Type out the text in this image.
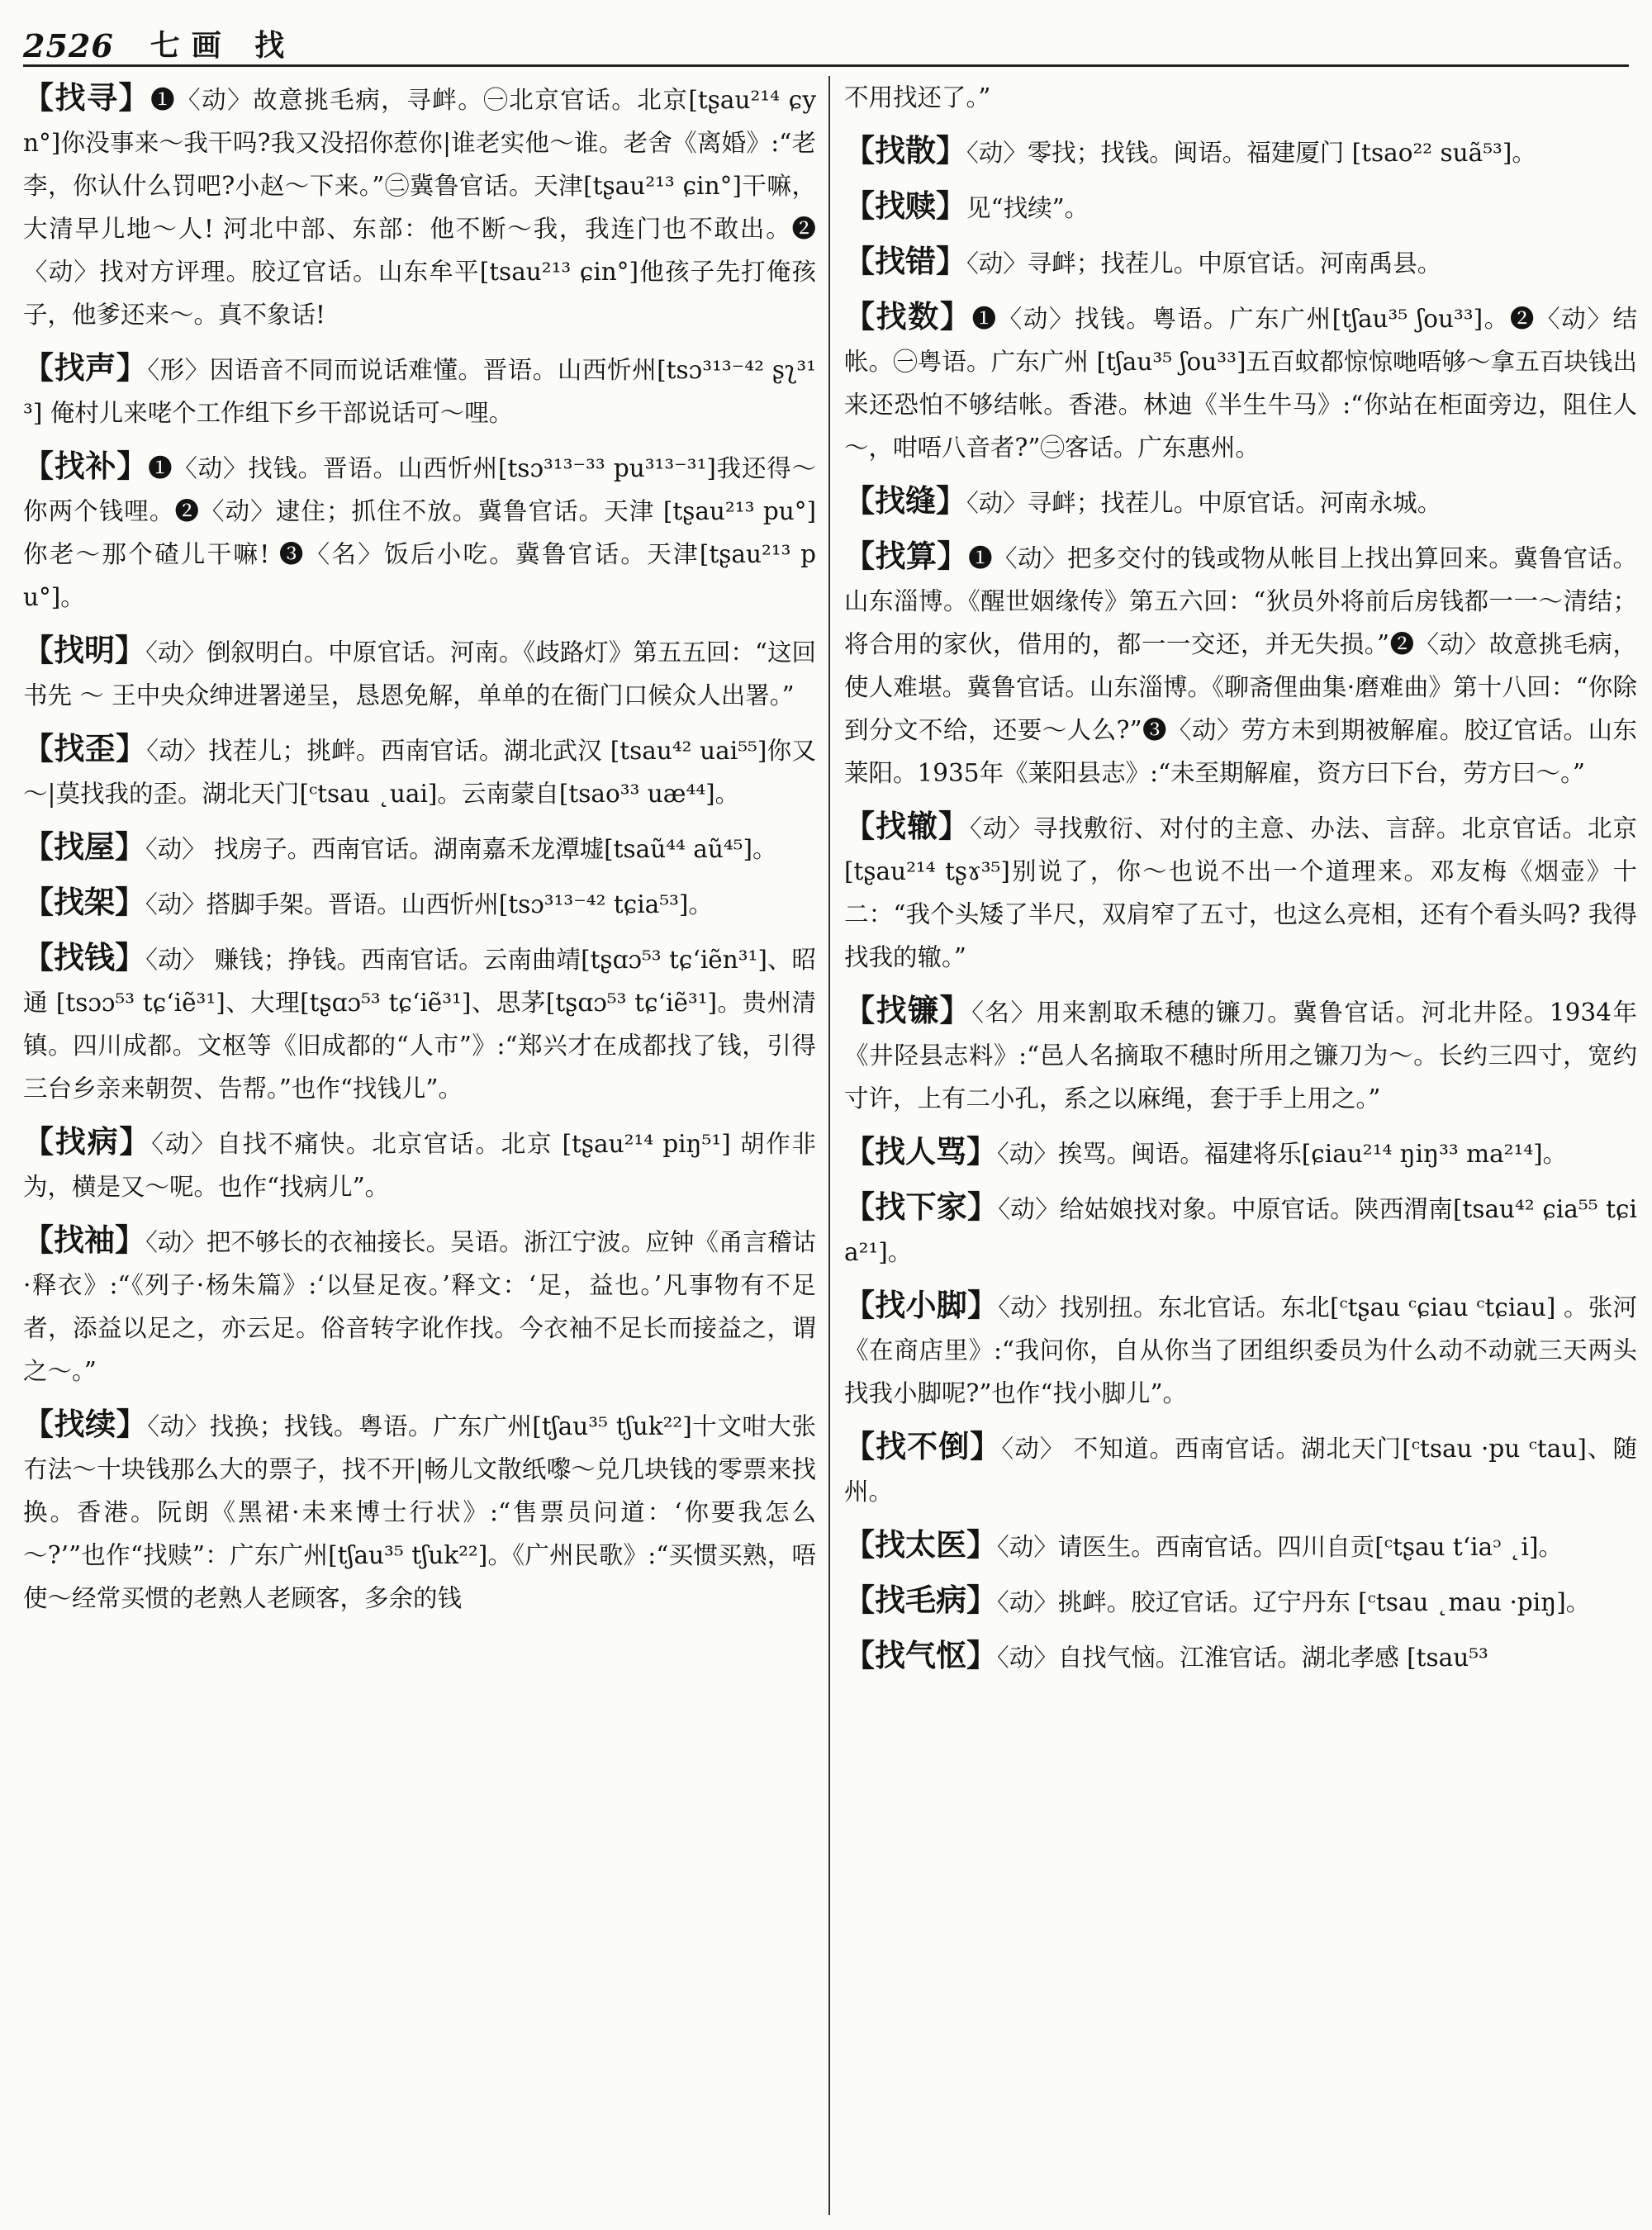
2526 七画 找

【找寻】❶〈动〉故意挑毛病，寻衅。㊀北京官话。北京[tʂau²¹⁴ ɕyn°]你没事来～我干吗?我又没招你惹你|谁老实他～谁。老舍《离婚》:“老李，你认什么罚吧?小赵～下来。”㊁冀鲁官话。天津[tʂau²¹³ ɕin°]干嘛，大清早儿地～人! 河北中部、东部：他不断～我，我连门也不敢出。❷〈动〉找对方评理。胶辽官话。山东牟平[tsau²¹³ ɕin°]他孩子先打俺孩子，他爹还来～。真不象话!

【找声】〈形〉因语音不同而说话难懂。晋语。山西忻州[tsɔ³¹³⁻⁴² ʂʅ³¹³] 俺村儿来咾个工作组下乡干部说话可～哩。

【找补】❶〈动〉找钱。晋语。山西忻州[tsɔ³¹³⁻³³ pu³¹³⁻³¹]我还得～你两个钱哩。❷〈动〉逮住；抓住不放。冀鲁官话。天津 [tʂau²¹³ pu°] 你老～那个碴儿干嘛! ❸〈名〉饭后小吃。冀鲁官话。天津[tʂau²¹³ pu°]。

【找明】〈动〉倒叙明白。中原官话。河南。《歧路灯》第五五回：“这回书先 ～ 王中央众绅进署递呈，恳恩免解，单单的在衙门口候众人出署。”

【找歪】〈动〉找茬儿；挑衅。西南官话。湖北武汉 [tsau⁴² uai⁵⁵]你又～|莫找我的歪。湖北天门[ᶜtsau ˛uai]。云南蒙自[tsao³³ uæ⁴⁴]。

【找屋】〈动〉 找房子。西南官话。湖南嘉禾龙潭墟[tsaũ⁴⁴ aũ⁴⁵]。

【找架】〈动〉搭脚手架。晋语。山西忻州[tsɔ³¹³⁻⁴² tɕia⁵³]。

【找钱】〈动〉 赚钱；挣钱。西南官话。云南曲靖[tʂɑɔ⁵³ tɕʻiẽn³¹]、昭通 [tsɔɔ⁵³ tɕʻiẽ³¹]、大理[tʂɑɔ⁵³ tɕʻiẽ³¹]、思茅[tʂɑɔ⁵³ tɕʻiẽ³¹]。贵州清镇。四川成都。文枢等《旧成都的“人市”》:“郑兴才在成都找了钱，引得三台乡亲来朝贺、告帮。”也作“找钱儿”。

【找病】〈动〉自找不痛快。北京官话。北京 [tʂau²¹⁴ piŋ⁵¹] 胡作非为，横是又～呢。也作“找病儿”。

【找袖】〈动〉把不够长的衣袖接长。吴语。浙江宁波。应钟《甬言稽诂·释衣》:“《列子·杨朱篇》:‘以昼足夜。’释文：‘足，益也。’凡事物有不足者，添益以足之，亦云足。俗音转字讹作找。今衣袖不足长而接益之，谓之～。”

【找续】〈动〉找换；找钱。粤语。广东广州[tʃau³⁵ tʃuk²²]十文咁大张冇法～十块钱那么大的票子，找不开|畅儿文散纸嚟～兑几块钱的零票来找换。香港。阮朗《黑裙·未来博士行状》:“售票员问道：‘你要我怎么～?’”也作“找赎”：广东广州[tʃau³⁵ tʃuk²²]。《广州民歌》:“买惯买熟，唔使～经常买惯的老熟人老顾客，多余的钱

不用找还了。”

【找散】〈动〉零找；找钱。闽语。福建厦门 [tsao²² suã⁵³]。

【找赎】见“找续”。

【找错】〈动〉寻衅；找茬儿。中原官话。河南禹县。

【找数】❶〈动〉找钱。粤语。广东广州[tʃau³⁵ ʃou³³]。❷〈动〉结帐。㊀粤语。广东广州 [tʃau³⁵ ʃou³³]五百蚊都惊惊哋唔够～拿五百块钱出来还恐怕不够结帐。香港。林迪《半生牛马》:“你站在柜面旁边，阻住人～，咁唔八音者?”㊁客话。广东惠州。

【找缝】〈动〉寻衅；找茬儿。中原官话。河南永城。

【找算】❶〈动〉把多交付的钱或物从帐目上找出算回来。冀鲁官话。山东淄博。《醒世姻缘传》第五六回：“狄员外将前后房钱都一一～清结；将合用的家伙，借用的，都一一交还，并无失损。”❷〈动〉故意挑毛病，使人难堪。冀鲁官话。山东淄博。《聊斋俚曲集·磨难曲》第十八回：“你除到分文不给，还要～人么?”❸〈动〉劳方未到期被解雇。胶辽官话。山东莱阳。1935年《莱阳县志》:“未至期解雇，资方曰下台，劳方曰～。”

【找辙】〈动〉寻找敷衍、对付的主意、办法、言辞。北京官话。北京 [tʂau²¹⁴ tʂɤ³⁵]别说了，你～也说不出一个道理来。邓友梅《烟壶》十二：“我个头矮了半尺，双肩窄了五寸，也这么亮相，还有个看头吗? 我得找我的辙。”

【找镰】〈名〉用来割取禾穗的镰刀。冀鲁官话。河北井陉。1934年《井陉县志料》:“邑人名摘取不穗时所用之镰刀为～。长约三四寸，宽约寸许，上有二小孔，系之以麻绳，套于手上用之。”

【找人骂】〈动〉挨骂。闽语。福建将乐[ɕiau²¹⁴ ŋiŋ³³ ma²¹⁴]。

【找下家】〈动〉给姑娘找对象。中原官话。陕西渭南[tsau⁴² ɕia⁵⁵ tɕia²¹]。

【找小脚】〈动〉找别扭。东北官话。东北[ᶜtʂau ᶜɕiau ᶜtɕiau] 。张河《在商店里》:“我问你，自从你当了团组织委员为什么动不动就三天两头找我小脚呢?”也作“找小脚儿”。

【找不倒】〈动〉 不知道。西南官话。湖北天门[ᶜtsau ·pu ᶜtau]、随州。

【找太医】〈动〉请医生。西南官话。四川自贡[ᶜtʂau tʻiaᵓ ˛i]。

【找毛病】〈动〉挑衅。胶辽官话。辽宁丹东 [ᶜtsau ˛mau ·piŋ]。

【找气怄】〈动〉自找气恼。江淮官话。湖北孝感 [tsau⁵³
